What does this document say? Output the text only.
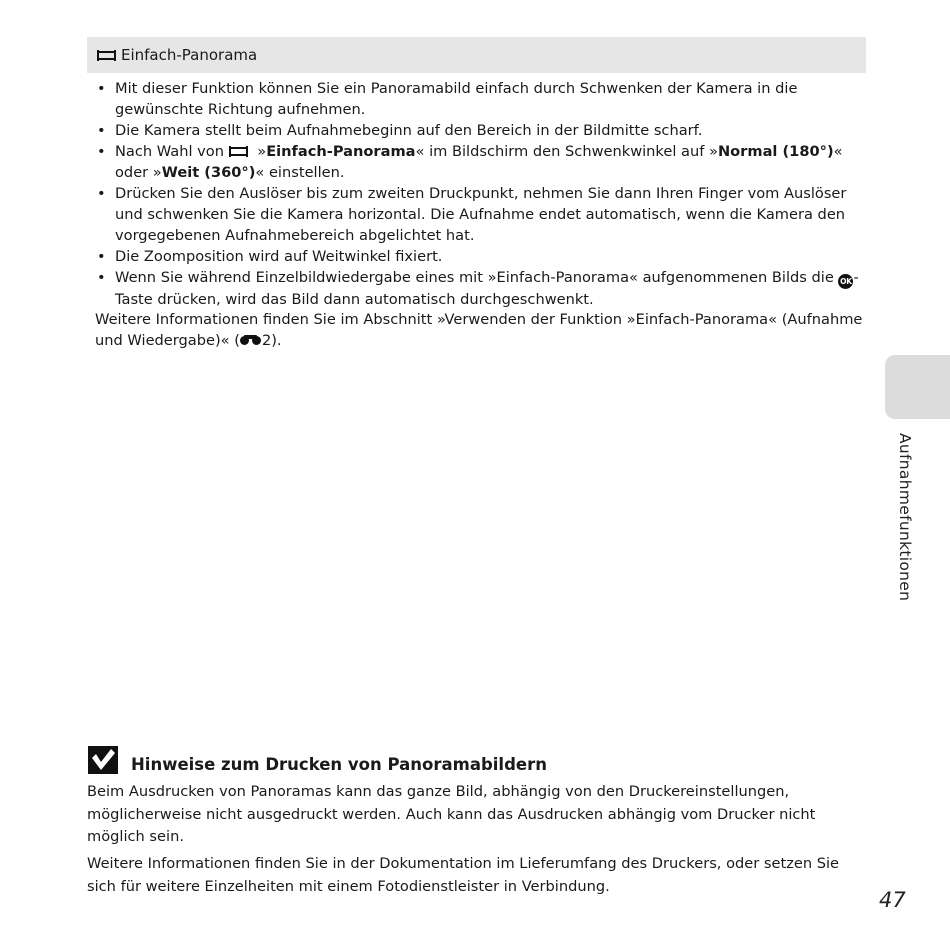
Einfach-Panorama
• Mit dieser Funktion können Sie ein Panoramabild einfach durch Schwenken der Kamera in die gewünschte Richtung aufnehmen.
• Die Kamera stellt beim Aufnahmebeginn auf den Bereich in der Bildmitte scharf.
• Nach Wahl von  »Einfach-Panorama« im Bildschirm den Schwenkwinkel auf »Normal (180°)« oder »Weit (360°)« einstellen.
• Drücken Sie den Auslöser bis zum zweiten Druckpunkt, nehmen Sie dann Ihren Finger vom Auslöser und schwenken Sie die Kamera horizontal. Die Aufnahme endet automatisch, wenn die Kamera den vorgegebenen Aufnahmebereich abgelichtet hat.
• Die Zoomposition wird auf Weitwinkel fixiert.
• Wenn Sie während Einzelbildwiedergabe eines mit »Einfach-Panorama« aufgenommenen Bilds die OK -Taste drücken, wird das Bild dann automatisch durchgeschwenkt.
Weitere Informationen finden Sie im Abschnitt »Verwenden der Funktion »Einfach-Panorama« (Aufnahme und Wiedergabe)« ( 2).
Aufnahmefunktionen
Hinweise zum Drucken von Panoramabildern

Beim Ausdrucken von Panoramas kann das ganze Bild, abhängig von den Druckereinstellungen, möglicherweise nicht ausgedruckt werden. Auch kann das Ausdrucken abhängig vom Drucker nicht möglich sein.

Weitere Informationen finden Sie in der Dokumentation im Lieferumfang des Druckers, oder setzen Sie sich für weitere Einzelheiten mit einem Fotodienstleister in Verbindung.

47
